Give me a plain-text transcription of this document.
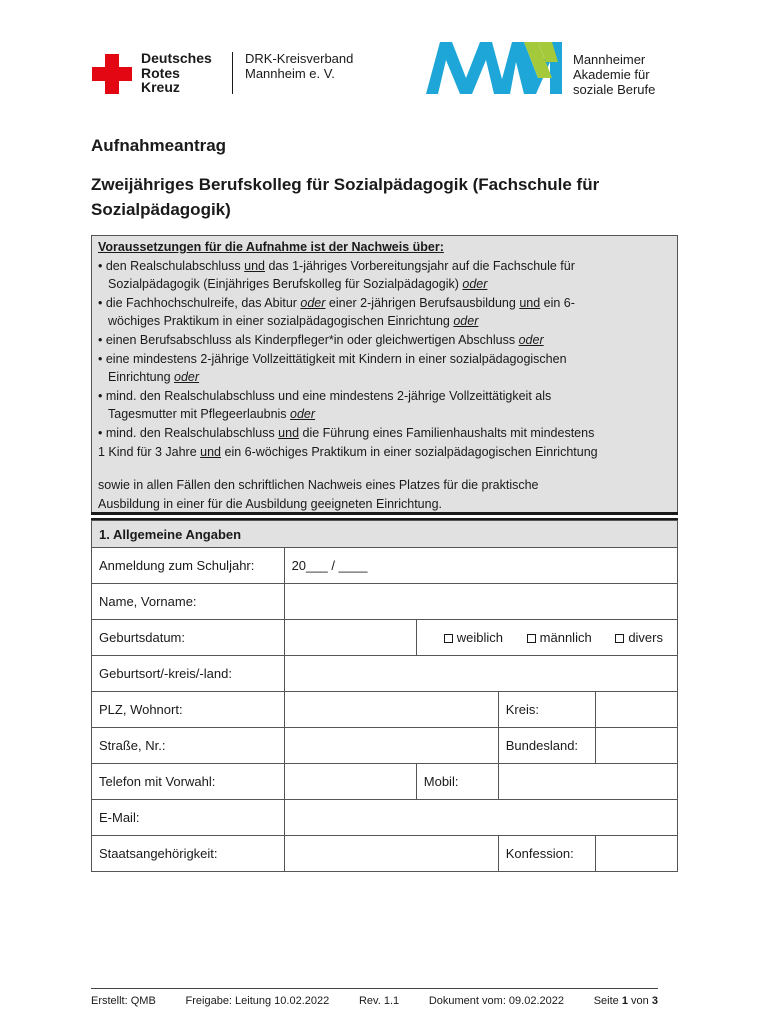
Deutsches
Rotes
Kreuz
DRK-Kreisverband
Mannheim e. V.
Mannheimer
Akademie für
soziale Berufe
Aufnahmeantrag
Zweijähriges Berufskolleg für Sozialpädagogik (Fachschule für Sozialpädagogik)
Voraussetzungen für die Aufnahme ist der Nachweis über:
• den Realschulabschluss und das 1-jähriges Vorbereitungsjahr auf die Fachschule für
Sozialpädagogik (Einjähriges Berufskolleg für Sozialpädagogik) oder
• die Fachhochschulreife, das Abitur oder einer 2-jährigen Berufsausbildung und ein 6-
wöchiges Praktikum in einer sozialpädagogischen Einrichtung oder
• einen Berufsabschluss als Kinderpfleger*in oder gleichwertigen Abschluss oder
• eine mindestens 2-jährige Vollzeittätigkeit mit Kindern in einer sozialpädagogischen
Einrichtung oder
• mind. den Realschulabschluss und eine mindestens 2-jährige Vollzeittätigkeit als
Tagesmutter mit Pflegeerlaubnis oder
• mind. den Realschulabschluss und die Führung eines Familienhaushalts mit mindestens
1 Kind für 3 Jahre und ein 6-wöchiges Praktikum in einer sozialpädagogischen Einrichtung
sowie in allen Fällen den schriftlichen Nachweis eines Platzes für die praktische
Ausbildung in einer für die Ausbildung geeigneten Einrichtung.
1. Allgemeine Angaben				
Anmeldung zum Schuljahr:	20___ / ____			
Name, Vorname:				
Geburtsdatum:		weiblich männlich divers		
Geburtsort/-kreis/-land:				
PLZ, Wohnort:			Kreis:	
Straße, Nr.:			Bundesland:	
Telefon mit Vorwahl:		Mobil:		
E-Mail:				
Staatsangehörigkeit:			Konfession:	
Erstellt: QMB	Freigabe: Leitung 10.02.2022	Rev. 1.1	Dokument vom: 09.02.2022	Seite 1 von 3
